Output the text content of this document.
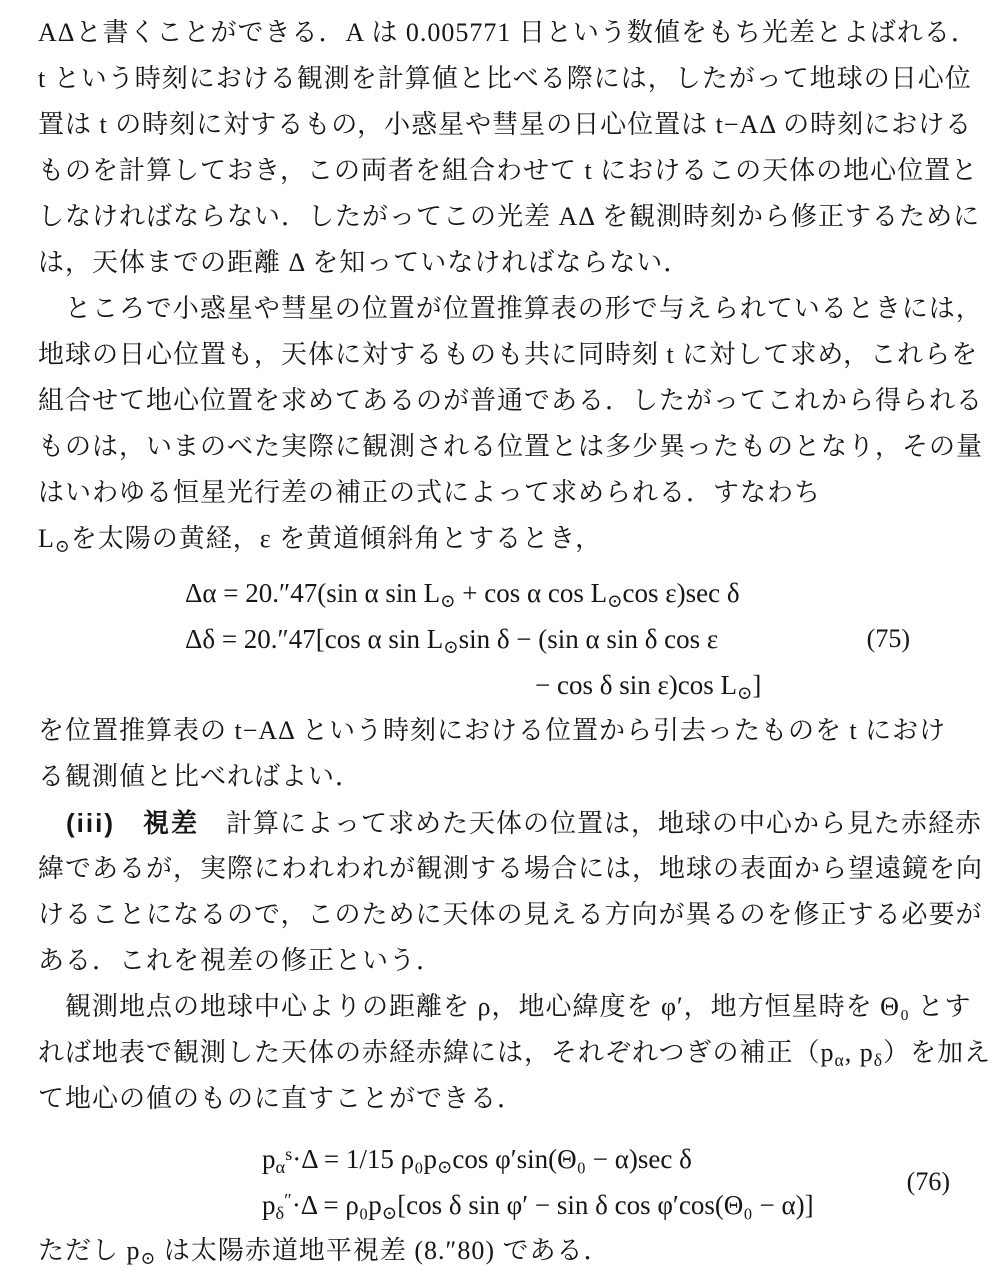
AΔと書くことができる．A は 0.005771 日という数値をもち光差とよばれる．
t という時刻における観測を計算値と比べる際には，したがって地球の日心位
置は t の時刻に対するもの，小惑星や彗星の日心位置は t−AΔ の時刻における
ものを計算しておき，この両者を組合わせて t におけるこの天体の地心位置と
しなければならない．したがってこの光差 AΔ を観測時刻から修正するために
は，天体までの距離 Δ を知っていなければならない．
　ところで小惑星や彗星の位置が位置推算表の形で与えられているときには，
地球の日心位置も，天体に対するものも共に同時刻 t に対して求め，これらを
組合せて地心位置を求めてあるのが普通である．したがってこれから得られる
ものは，いまのべた実際に観測される位置とは多少異ったものとなり，その量
はいわゆる恒星光行差の補正の式によって求められる．すなわち
$L_⊙$を太陽の黄経，ε を黄道傾斜角とするとき，
Δα = 20.″47(sin α $\sin L_⊙ + \cos \alpha$ $\cos L_⊙\cos$ ε)sec δ
Δδ = 20.″47[cos α $\sin L_⊙\sin$ δ − (sin α sin δ cos ε
− cos δ sin ε)cos $L_⊙$]
(75)
を位置推算表の t−AΔ という時刻における位置から引去ったものを t におけ
る観測値と比べればよい．
　(iii)　視差　計算によって求めた天体の位置は，地球の中心から見た赤経赤
緯であるが，実際にわれわれが観測する場合には，地球の表面から望遠鏡を向
けることになるので，このために天体の見える方向が異るのを修正する必要が
ある．これを視差の修正という．
　観測地点の地球中心よりの距離を ρ，地心緯度を φ′，地方恒星時を Θ₀ とす
れば地表で観測した天体の赤経赤緯には，それぞれつぎの補正（$p_\alpha$, $p_\delta$）を加え
て地心の値のものに直すことができる．
$p_\alpha^s\cdot\Delta = 1/15$ $\rho_0p_⊙\cos$ φ′sin(Θ₀ − α)sec δ
$p_\delta''\cdot\Delta = \rho_0p_⊙[\cos$ δ sin φ′ − sin δ cos φ′cos(Θ₀ − α)]
(76)
ただし $p_⊙$ は太陽赤道地平視差 (8.″80) である．
